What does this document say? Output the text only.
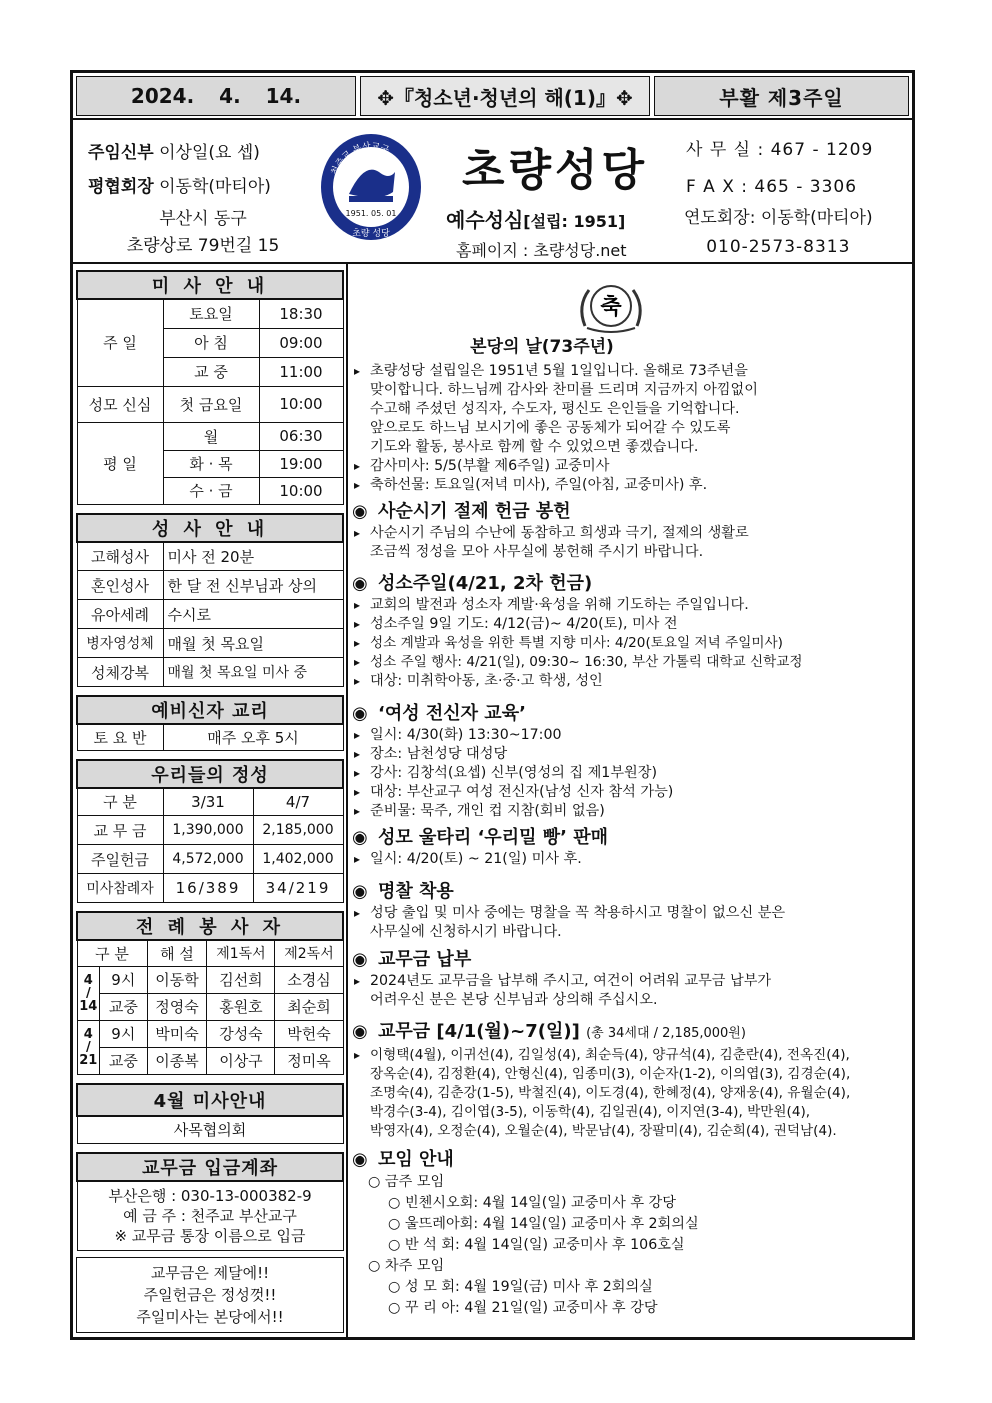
2024. 4. 14.	✥『청소년·청년의 해(1)』✥	부활 제3주일
주임신부 이상일(요 셉)
평협회장 이동학(마티아)
부산시 동구
초량상로 79번길 15
천주교 부산교구
1951. 05. 01
초량 성당
초량성당
예수성심[설립: 1951]
홈페이지 : 초량성당.net
사 무 실 : 467 - 1209
F A X : 465 - 3306
연도회장: 이동학(마티아)
010-2573-8313
미 사 안 내		
주 일	토요일	18:30
	아 침	09:00
	교 중	11:00
성모 신심	첫 금요일	10:00
평 일	월	06:30
	화 · 목	19:00
	수 · 금	10:00
성 사 안 내	
고해성사	미사 전 20분
혼인성사	한 달 전 신부님과 상의
유아세례	수시로
병자영성체	매월 첫 목요일
성체강복	매월 첫 목요일 미사 중
예비신자 교리
토 요 반	매주 오후 5시
우리들의 정성		
구 분	3/31	4/7
교 무 금	1,390,000	2,185,000
주일헌금	4,572,000	1,402,000
미사참례자	16/389	34/219
전 례 봉 사 자				
구 분		해 설	제1독서	제2독서
4
/
14	9시	이동학	김선희	소경심
	교중	정영숙	홍원호	최순희
4
/
21	9시	박미숙	강성숙	박헌숙
	교중	이종복	이상구	정미옥
4월 미사안내
사목협의회
교무금 입금계좌

부산은행 : 030-13-000382-9
예 금 주 : 천주교 부산교구
※ 교무금 통장 이름으로 입금
교무금은 제달에!!
주일헌금은 정성껏!!
주일미사는 본당에서!!
축
본당의 날(73주년)
▸ 초량성당 설립일은 1951년 5월 1일입니다. 올해로 73주년을
맞이합니다. 하느님께 감사와 찬미를 드리며 지금까지 아낌없이
수고해 주셨던 성직자, 수도자, 평신도 은인들을 기억합니다.
앞으로도 하느님 보시기에 좋은 공동체가 되어갈 수 있도록
기도와 활동, 봉사로 함께 할 수 있었으면 좋겠습니다.
▸ 감사미사: 5/5(부활 제6주일) 교중미사
▸ 축하선물: 토요일(저녁 미사), 주일(아침, 교중미사) 후.
◉ 사순시기 절제 헌금 봉헌
▸ 사순시기 주님의 수난에 동참하고 희생과 극기, 절제의 생활로
조금씩 정성을 모아 사무실에 봉헌해 주시기 바랍니다.
◉ 성소주일(4/21, 2차 헌금)
▸ 교회의 발전과 성소자 계발·육성을 위해 기도하는 주일입니다.
▸ 성소주일 9일 기도: 4/12(금)~ 4/20(토), 미사 전
▸ 성소 계발과 육성을 위한 특별 지향 미사: 4/20(토요일 저녁 주일미사)
▸ 성소 주일 행사: 4/21(일), 09:30~ 16:30, 부산 가톨릭 대학교 신학교정
▸ 대상: 미취학아동, 초·중·고 학생, 성인
◉ ‘여성 전신자 교육’
▸ 일시: 4/30(화) 13:30~17:00
▸ 장소: 남천성당 대성당
▸ 강사: 김창석(요셉) 신부(영성의 집 제1부원장)
▸ 대상: 부산교구 여성 전신자(남성 신자 참석 가능)
▸ 준비물: 묵주, 개인 컵 지참(회비 없음)
◉ 성모 울타리 ‘우리밀 빵’ 판매
▸ 일시: 4/20(토) ~ 21(일) 미사 후.
◉ 명찰 착용
▸ 성당 출입 및 미사 중에는 명찰을 꼭 착용하시고 명찰이 없으신 분은
사무실에 신청하시기 바랍니다.
◉ 교무금 납부
▸ 2024년도 교무금을 납부해 주시고, 여건이 어려워 교무금 납부가
어려우신 분은 본당 신부님과 상의해 주십시오.
◉ 교무금 [4/1(월)~7(일)] (총 34세대 / 2,185,000원)
▸ 이형택(4월), 이귀선(4), 김일성(4), 최순득(4), 양규석(4), 김춘란(4), 전옥진(4),
장옥순(4), 김정환(4), 안형신(4), 임종미(3), 이순자(1-2), 이의엽(3), 김경순(4),
조명숙(4), 김춘강(1-5), 박철진(4), 이도경(4), 한혜정(4), 양재웅(4), 유월순(4),
박경수(3-4), 김이엽(3-5), 이동학(4), 김일권(4), 이지연(3-4), 박만원(4),
박영자(4), 오정순(4), 오월순(4), 박문남(4), 장팔미(4), 김순희(4), 권덕남(4).
◉ 모임 안내
○ 금주 모임
○ 빈첸시오회: 4월 14일(일) 교중미사 후 강당
○ 울뜨레아회: 4월 14일(일) 교중미사 후 2회의실
○ 반 석 회: 4월 14일(일) 교중미사 후 106호실
○ 차주 모임
○ 성 모 회: 4월 19일(금) 미사 후 2회의실
○ 꾸 리 아: 4월 21일(일) 교중미사 후 강당
